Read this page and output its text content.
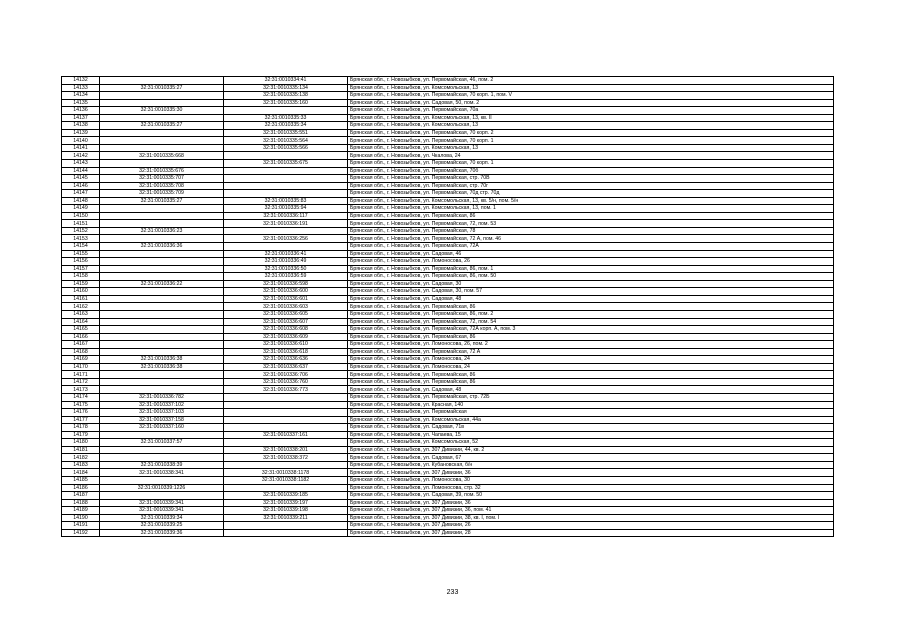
14132		32:31:0010334:41	Брянская обл., г. Новозыбков, ул. Первомайская, 46, пом. 2
14133	32:31:0010335:27	32:31:0010335:134	Брянская обл., г. Новозыбков, ул. Комсомольская, 13
14134		32:31:0010335:138	Брянская обл., г. Новозыбков, ул. Первомайская, 70 корп. 1, пом. V
14135		32:31:0010335:160	Брянская обл., г. Новозыбков, ул. Садовая, 50, пом. 2
14136	32:31:0010335:30		Брянская обл., г. Новозыбков, ул. Первомайская, 70а
14137		32:31:0010335:33	Брянская обл., г. Новозыбков, ул. Комсомольская, 13, кв. II
14138	32:31:0010335:27	32:31:0010335:34	Брянская обл., г. Новозыбков, ул. Комсомольская, 13
14139		32:31:0010335:551	Брянская обл., г. Новозыбков, ул. Первомайская, 70 корп. 2
14140		32:31:0010335:564	Брянская обл., г. Новозыбков, ул. Первомайская, 70 корп. 1
14141		32:31:0010335:566	Брянская обл., г. Новозыбков, ул. Комсомольская, 13
14142	32:31:0010335:668		Брянская обл., г. Новозыбков, ул. Чкалова, 24
14143		32:31:0010335:675	Брянская обл., г. Новозыбков, ул. Первомайская, 70 корп. 1
14144	32:31:0010335:676		Брянская обл., г. Новозыбков, ул. Первомайская, 70б
14145	32:31:0010335:707		Брянская обл., г. Новозыбков, ул. Первомайская, стр. 70В
14146	32:31:0010335:708		Брянская обл., г. Новозыбков, ул. Первомайская, стр. 70г
14147	32:31:0010335:709		Брянская обл., г. Новозыбков, ул. Первомайская, 70д стр. 70д
14148	32:31:0010335:27	32:31:0010335:83	Брянская обл., г. Новозыбков, ул. Комсомольская, 13, кв. 5/н, пом. 5/н
14149		32:31:0010335:94	Брянская обл., г. Новозыбков, ул. Комсомольская, 13, пом. 1
14150		32:31:0010336:117	Брянская обл., г. Новозыбков, ул. Первомайская, 86
14151		32:31:0010336:191	Брянская обл., г. Новозыбков, ул. Первомайская, 72, пом. 53
14152	32:31:0010336:23		Брянская обл., г. Новозыбков, ул. Первомайская, 78
14153		32:31:0010336:256	Брянская обл., г. Новозыбков, ул. Первомайская, 72 А, пом. 46
14154	32:31:0010336:36		Брянская обл., г. Новозыбков, ул. Первомайская, 72А
14155		32:31:0010336:41	Брянская обл., г. Новозыбков, ул. Садовая, 46
14156		32:31:0010336:49	Брянская обл., г. Новозыбков, ул. Ломоносова, 26
14157		32:31:0010336:50	Брянская обл., г. Новозыбков, ул. Первомайская, 86, пом. 1
14158		32:31:0010336:59	Брянская обл., г. Новозыбков, ул. Первомайская, 86, пом. 50
14159	32:31:0010336:22	32:31:0010336:598	Брянская обл., г. Новозыбков, ул. Садовая, 30
14160		32:31:0010336:600	Брянская обл., г. Новозыбков, ул. Садовая, 30, пом. 57
14161		32:31:0010336:601	Брянская обл., г. Новозыбков, ул. Садовая, 48
14162		32:31:0010336:603	Брянская обл., г. Новозыбков, ул. Первомайская, 86
14163		32:31:0010336:605	Брянская обл., г. Новозыбков, ул. Первомайская, 86, пом. 2
14164		32:31:0010336:607	Брянская обл., г. Новозыбков, ул. Первомайская, 72, пом. 54
14165		32:31:0010336:608	Брянская обл., г. Новозыбков, ул. Первомайская, 72А корп. А, пом. 3
14166		32:31:0010336:609	Брянская обл., г. Новозыбков, ул. Первомайская, 86
14167		32:31:0010336:610	Брянская обл., г. Новозыбков, ул. Ломоносова, 26, пом. 2
14168		32:31:0010336:618	Брянская обл., г. Новозыбков, ул. Первомайская, 72 А
14169	32:31:0010336:38	32:31:0010336:636	Брянская обл., г. Новозыбков, ул. Ломоносова, 24
14170	32:31:0010336:38	32:31:0010336:637	Брянская обл., г. Новозыбков, ул. Ломоносова, 24
14171		32:31:0010336:706	Брянская обл., г. Новозыбков, ул. Первомайская, 86
14172		32:31:0010336:760	Брянская обл., г. Новозыбков, ул. Первомайская, 86
14173		32:31:0010336:773	Брянская обл., г. Новозыбков, ул. Садовая, 48
14174	32:31:0010336:782		Брянская обл., г. Новозыбков, ул. Первомайская, стр. 72Б
14175	32:31:0010337:102		Брянская обл., г. Новозыбков, ул. Красная, 140
14176	32:31:0010337:103		Брянская обл., г. Новозыбков, ул. Первомайская
14177	32:31:0010337:158		Брянская обл., г. Новозыбков, ул. Комсомольская, 44а
14178	32:31:0010337:160		Брянская обл., г. Новозыбков, ул. Садовая, 71в
14179		32:31:0010337:161	Брянская обл., г. Новозыбков, ул. Чапаева, 15
14180	32:31:0010337:57		Брянская обл., г. Новозыбков, ул. Комсомольская, 52
14181		32:31:0010338:201	Брянская обл., г. Новозыбков, ул. 307 Дивизии, 44, кв. 2
14182		32:31:0010338:372	Брянская обл., г. Новозыбков, ул. Садовая, 67
14183	32:31:0010338:39		Брянская обл., г. Новозыбков, ул. Кубановская, б/н
14184	32:31:0010338:341	32:31:0010338:1178	Брянская обл., г. Новозыбков, ул. 307 Дивизии, 36
14185		32:31:0010338:1182	Брянская обл., г. Новозыбков, ул. Ломоносова, 30
14186	32:31:0010339:1226		Брянская обл., г. Новозыбков, ул. Ломоносова, стр. 32
14187		32:31:0010339:185	Брянская обл., г. Новозыбков, ул. Садовая, 39, пом. 50
14188	32:31:0010339:341	32:31:0010339:197	Брянская обл., г. Новозыбков, ул. 307 Дивизии, 36
14189	32:31:0010339:341	32:31:0010339:198	Брянская обл., г. Новозыбков, ул. 307 Дивизии, 36, пом. 41
14190	32:31:0010339:34	32:31:0010339:211	Брянская обл., г. Новозыбков, ул. 307 Дивизии, 38, кв. I, пом. I
14191	32:31:0010339:25		Брянская обл., г. Новозыбков, ул. 307 Дивизии, 26
14192	32:31:0010339:36		Брянская обл., г. Новозыбков, ул. 307 Дивизии, 28
233
